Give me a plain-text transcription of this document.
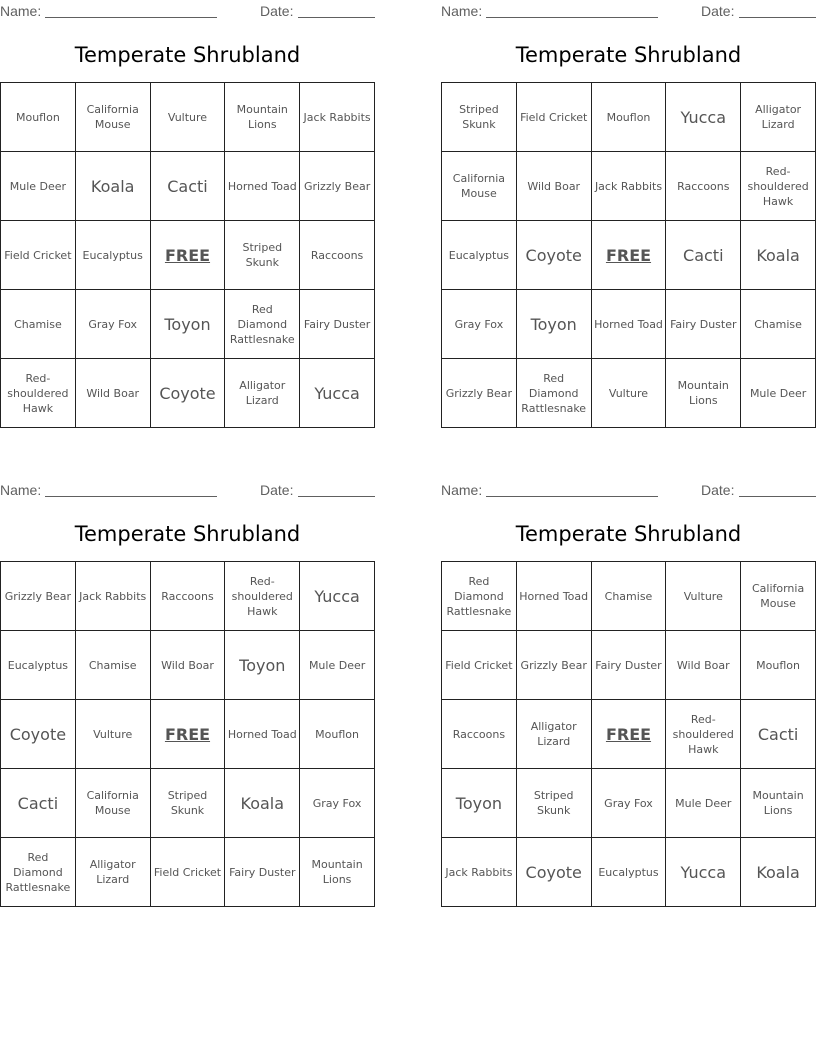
Name:	Date:
Temperate Shrubland
Mouflon	California Mouse	Vulture	Mountain Lions	Jack Rabbits
Mule Deer	Koala	Cacti	Horned Toad	Grizzly Bear
Field Cricket	Eucalyptus	FREE	Striped Skunk	Raccoons
Chamise	Gray Fox	Toyon	Red Diamond Rattlesnake	Fairy Duster
Red-shouldered Hawk	Wild Boar	Coyote	Alligator Lizard	Yucca
Name:	Date:
Temperate Shrubland
Striped Skunk	Field Cricket	Mouflon	Yucca	Alligator Lizard
California Mouse	Wild Boar	Jack Rabbits	Raccoons	Red-shouldered Hawk
Eucalyptus	Coyote	FREE	Cacti	Koala
Gray Fox	Toyon	Horned Toad	Fairy Duster	Chamise
Grizzly Bear	Red Diamond Rattlesnake	Vulture	Mountain Lions	Mule Deer
Name:	Date:
Temperate Shrubland
Grizzly Bear	Jack Rabbits	Raccoons	Red-shouldered Hawk	Yucca
Eucalyptus	Chamise	Wild Boar	Toyon	Mule Deer
Coyote	Vulture	FREE	Horned Toad	Mouflon
Cacti	California Mouse	Striped Skunk	Koala	Gray Fox
Red Diamond Rattlesnake	Alligator Lizard	Field Cricket	Fairy Duster	Mountain Lions
Name:	Date:
Temperate Shrubland
Red Diamond Rattlesnake	Horned Toad	Chamise	Vulture	California Mouse
Field Cricket	Grizzly Bear	Fairy Duster	Wild Boar	Mouflon
Raccoons	Alligator Lizard	FREE	Red-shouldered Hawk	Cacti
Toyon	Striped Skunk	Gray Fox	Mule Deer	Mountain Lions
Jack Rabbits	Coyote	Eucalyptus	Yucca	Koala
